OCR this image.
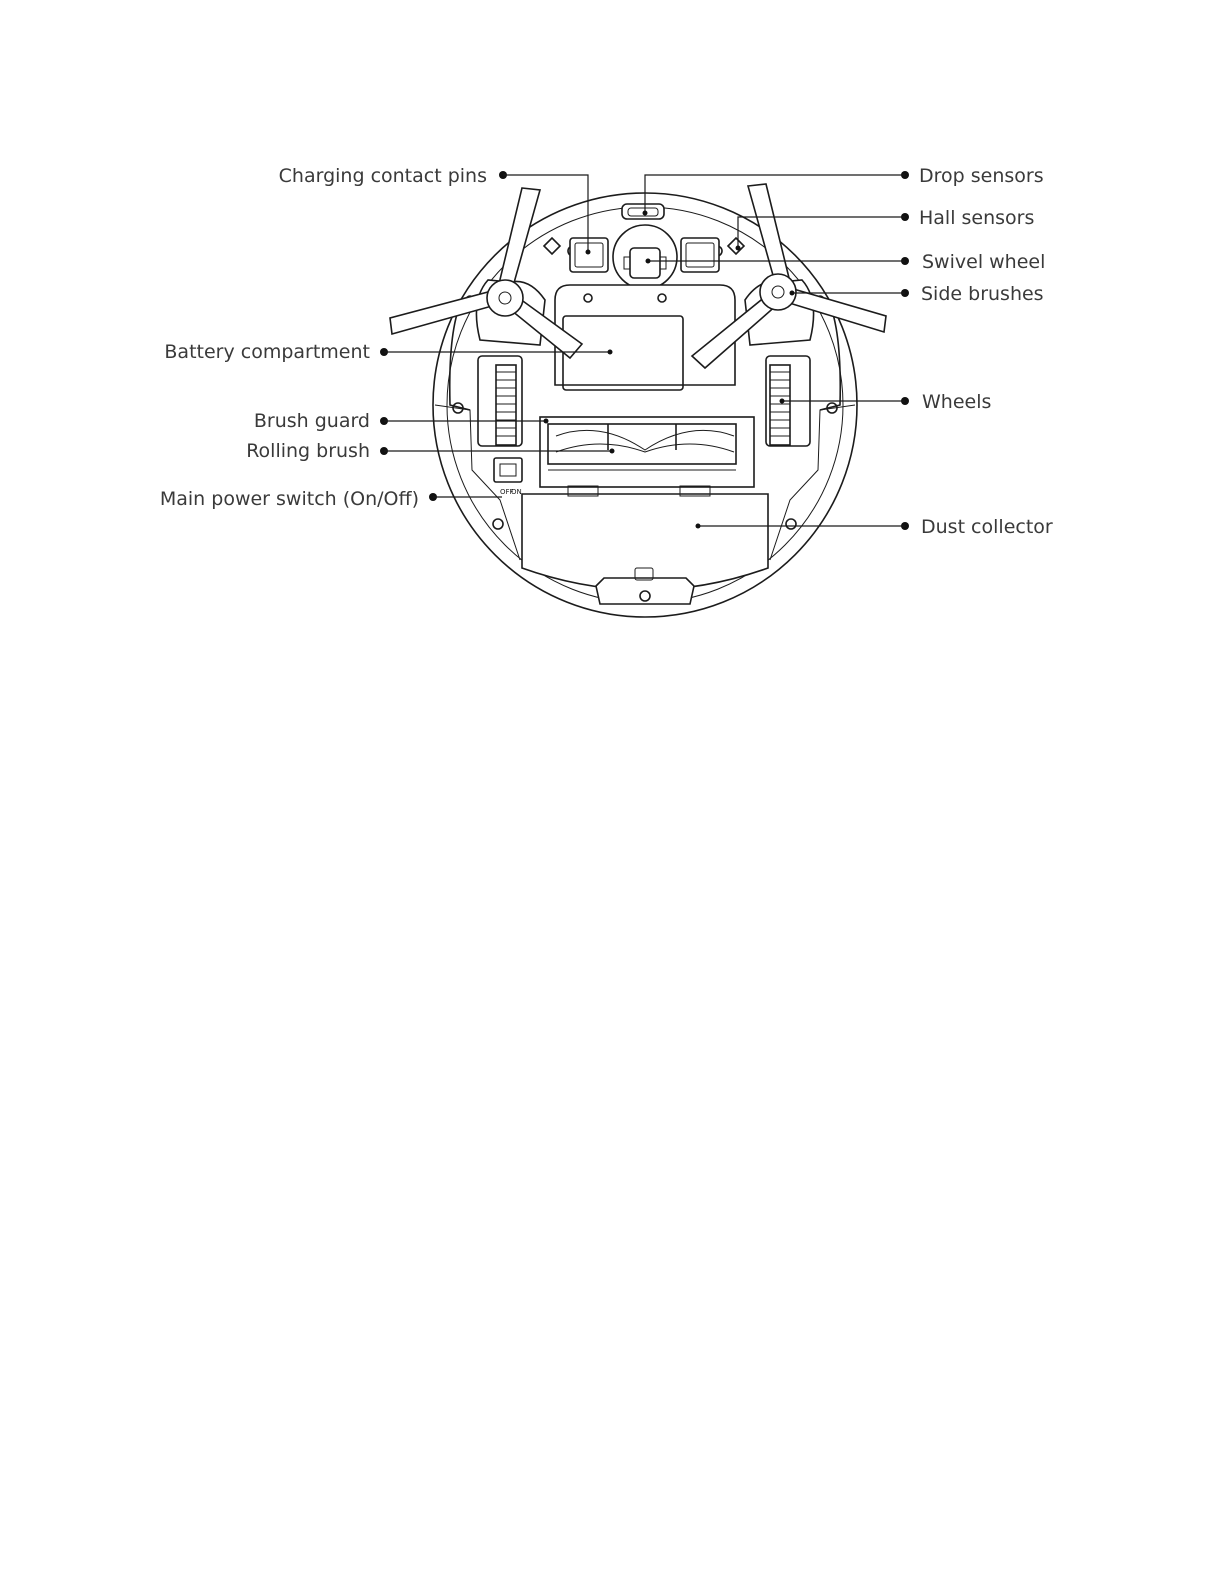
OFF
ON
Charging contact pins
Battery compartment
Brush guard
Rolling brush
Main power switch (On/Off)
Drop sensors
Hall sensors
Swivel wheel
Side brushes
Wheels
Dust collector
